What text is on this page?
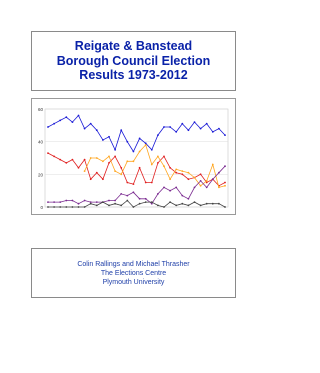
Reigate & Banstead
Borough Council Election
Results 1973-2012
0
20
40
60
Colin Rallings and Michael Thrasher
The Elections Centre
Plymouth University
